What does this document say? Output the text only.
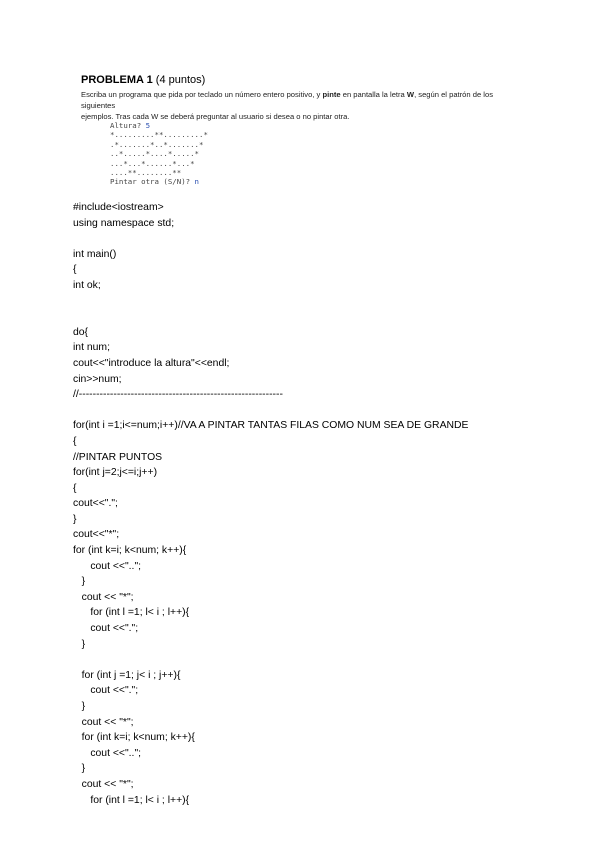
PROBLEMA 1 (4 puntos)
Escriba un programa que pida por teclado un número entero positivo, y pinte en pantalla la letra W, según el patrón de los siguientes
ejemplos. Tras cada W se deberá preguntar al usuario si desea o no pintar otra.
Altura? 5
*.........**.........*
.*.......*..*.......*
..*.....*....*.....*
...*...*......*...*
....**........**
Pintar otra (S/N)? n
#include<iostream>
using namespace std;
int main()
{
int ok;
do{
int num;
cout<<"introduce la altura"<<endl;
cin>>num;
//-----------------------------------------------------------
for(int i =1;i<=num;i++)//VA A PINTAR TANTAS FILAS COMO NUM SEA DE GRANDE
{
//PINTAR PUNTOS
for(int j=2;j<=i;j++)
{
cout<<".";
}
cout<<"*";
for (int k=i; k<num; k++){
cout <<"..";
}
cout << "*";
for (int l =1; l< i ; l++){
cout <<".";
}
for (int j =1; j< i ; j++){
cout <<".";
}
cout << "*";
for (int k=i; k<num; k++){
cout <<"..";
}
cout << "*";
for (int l =1; l< i ; l++){
